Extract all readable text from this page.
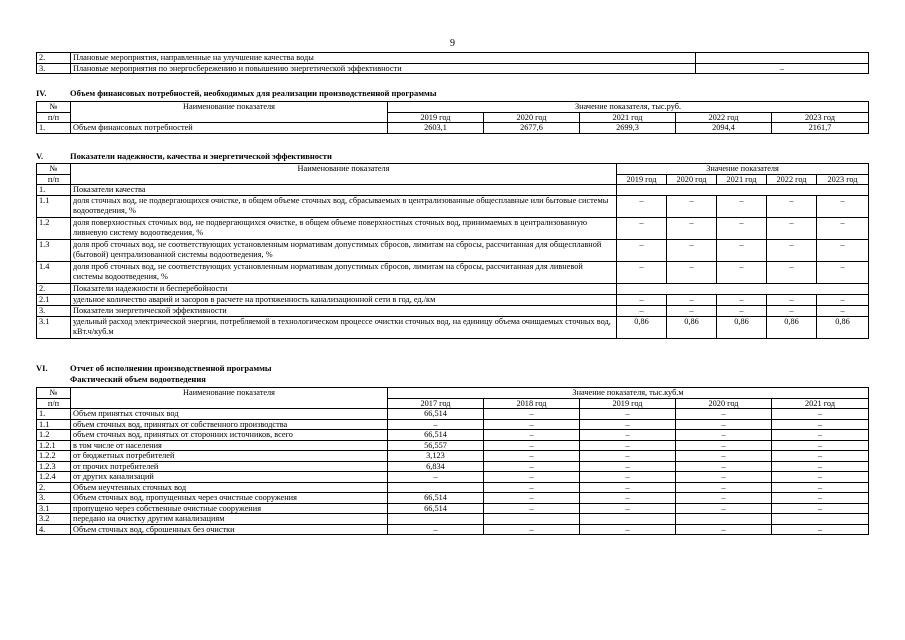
9
2.	Плановые мероприятия, направленные на улучшение качества воды	
3.	Плановые мероприятия по энергосбережению и повышению энергетической эффективности	–
IV.	Объем финансовых потребностей, необходимых для реализации производственной программы
№	Наименование показателя	Значение показателя, тыс.руб.				
п/п		2019 год	2020 год	2021 год	2022 год	2023 год
1.	Объем финансовых потребностей	2603,1	2677,6	2699,3	2094,4	2161,7
V.	Показатели надежности, качества и энергетической эффективности
№	Наименование показателя	Значение показателя				
п/п		2019 год	2020 год	2021 год	2022 год	2023 год
1.	Показатели качества					
1.1	доля сточных вод, не подвергающихся очистке, в общем объеме сточных вод, сбрасываемых в централизованные общесплавные или бытовые системы водоотведения, %	–	–	–	–	–
1.2	доля поверхностных сточных вод, не подвергающихся очистке, в общем объеме поверхностных сточных вод, принимаемых в централизованную ливневую систему водоотведения, %	–	–	–	–	–
1.3	доля проб сточных вод, не соответствующих установленным нормативам допустимых сбросов, лимитам на сбросы, рассчитанная для общесплавной (бытовой) централизованной системы водоотведения, %	–	–	–	–	–
1.4	доля проб сточных вод, не соответствующих установленным нормативам допустимых сбросов, лимитам на сбросы, рассчитанная для ливневой системы водоотведения, %	–	–	–	–	–
2.	Показатели надежности и бесперебойности					
2.1	удельное количество аварий и засоров в расчете на протяженность канализационной сети в год, ед./км	–	–	–	–	–
3.	Показатели энергетической эффективности	–	–	–	–	–
3.1	удельный расход электрической энергии, потребляемой в технологическом процессе очистки сточных вод, на единицу объема очищаемых сточных вод, кВт.ч/куб.м	0,86	0,86	0,86	0,86	0,86
VI.	Отчет об исполнении производственной программы
Фактический объем водоотведения
№	Наименование показателя	Значение показателя, тыс.куб.м				
п/п		2017 год	2018 год	2019 год	2020 год	2021 год
1.	Объем принятых сточных вод	66,514	–	–	–	–
1.1	объем сточных вод, принятых от собственного производства	–	–	–	–	–
1.2	объем сточных вод, принятых от сторонних источников, всего	66,514	–	–	–	–
1.2.1	в том числе от населения	56,557	–	–	–	–
1.2.2	от бюджетных потребителей	3,123	–	–	–	–
1.2.3	от прочих потребителей	6,834	–	–	–	–
1.2.4	от других канализаций	–	–	–	–	–
2.	Объем неучтенных сточных вод		–	–	–	–
3.	Объем сточных вод, пропущенных через очистные сооружения	66,514	–	–	–	–
3.1	пропущено через собственные очистные сооружения	66,514	–	–	–	–
3.2	передано на очистку другим канализациям					
4.	Объем сточных вод, сброшенных без очистки	–	–	–	–	–
